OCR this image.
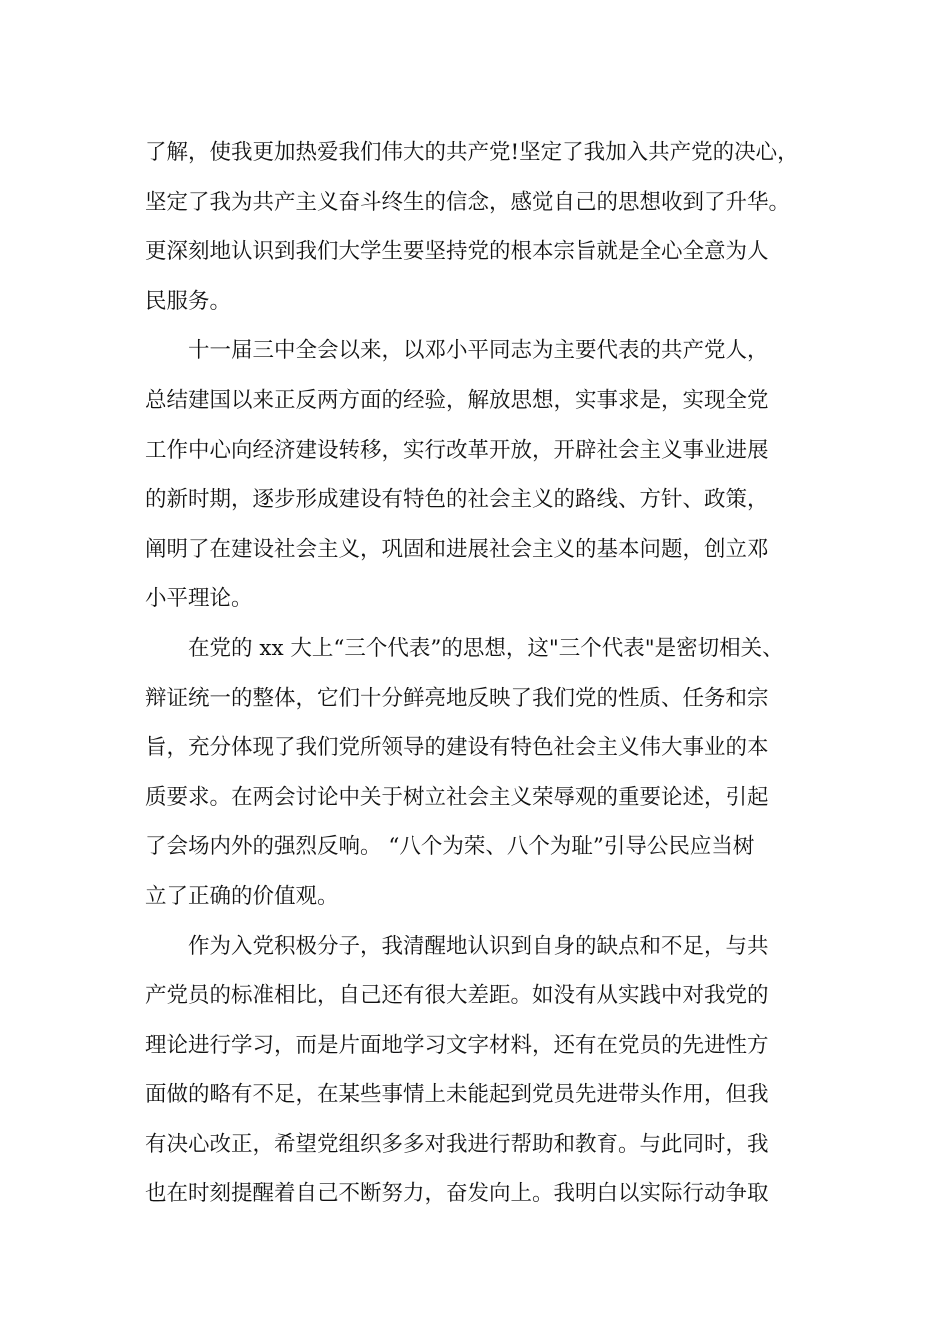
了解，使我更加热爱我们伟大的共产党!坚定了我加入共产党的决心，
坚定了我为共产主义奋斗终生的信念，感觉自己的思想收到了升华。
更深刻地认识到我们大学生要坚持党的根本宗旨就是全心全意为人
民服务。
十一届三中全会以来，以邓小平同志为主要代表的共产党人，
总结建国以来正反两方面的经验，解放思想，实事求是，实现全党
工作中心向经济建设转移，实行改革开放，开辟社会主义事业进展
的新时期，逐步形成建设有特色的社会主义的路线、方针、政策，
阐明了在建设社会主义，巩固和进展社会主义的基本问题，创立邓
小平理论。
在党的 xx 大上“三个代表”的思想，这"三个代表"是密切相关、
辩证统一的整体，它们十分鲜亮地反映了我们党的性质、任务和宗
旨，充分体现了我们党所领导的建设有特色社会主义伟大事业的本
质要求。在两会讨论中关于树立社会主义荣辱观的重要论述，引起
了会场内外的强烈反响。 “八个为荣、八个为耻”引导公民应当树
立了正确的价值观。
作为入党积极分子，我清醒地认识到自身的缺点和不足，与共
产党员的标准相比，自己还有很大差距。如没有从实践中对我党的
理论进行学习，而是片面地学习文字材料，还有在党员的先进性方
面做的略有不足，在某些事情上未能起到党员先进带头作用，但我
有决心改正，希望党组织多多对我进行帮助和教育。与此同时，我
也在时刻提醒着自己不断努力，奋发向上。我明白以实际行动争取
